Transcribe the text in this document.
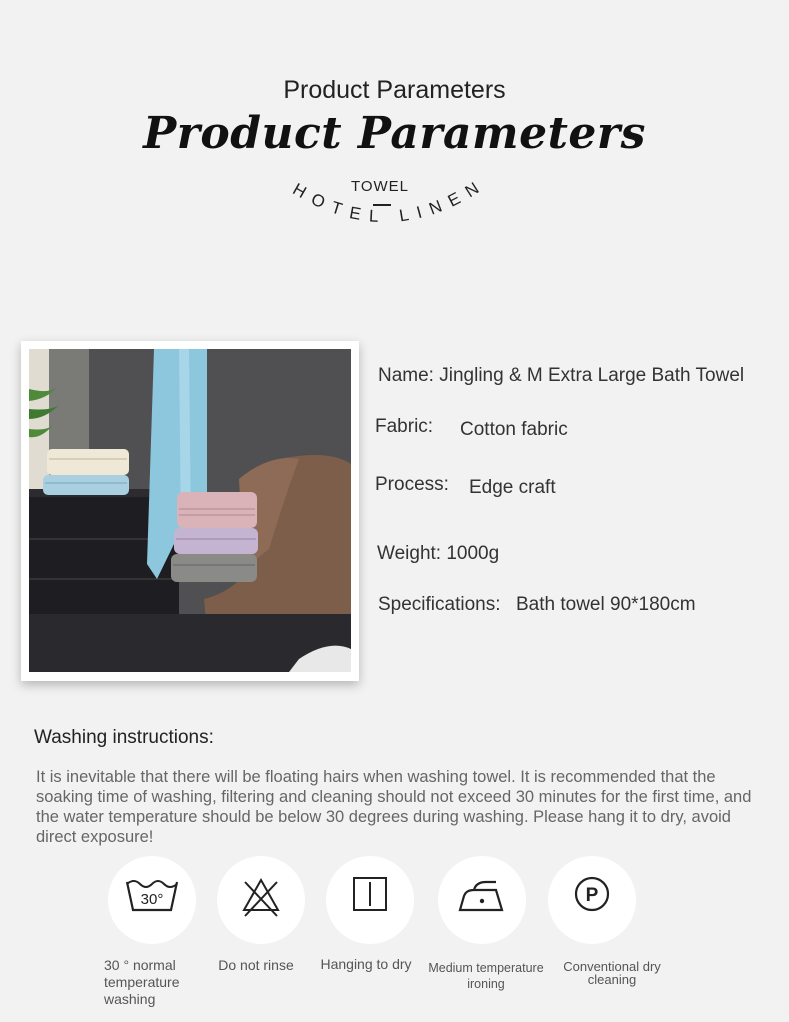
Product Parameters
Product Parameters
TOWEL
HOTEL LINEN
Name: Jingling & M Extra Large Bath Towel
Fabric: Cotton fabric
Process: Edge craft
Weight: 1000g
Specifications: Bath towel 90*180cm
Washing instructions:
It is inevitable that there will be floating hairs when washing towel. It is recommended that the soaking time of washing, filtering and cleaning should not exceed 30 minutes for the first time, and the water temperature should be below 30 degrees during washing. Please hang it to dry, avoid direct exposure!
30°	P
30 ° normal temperature washing
Do not rinse	Hanging to dry	Medium temperature ironing
Conventional dry cleaning
